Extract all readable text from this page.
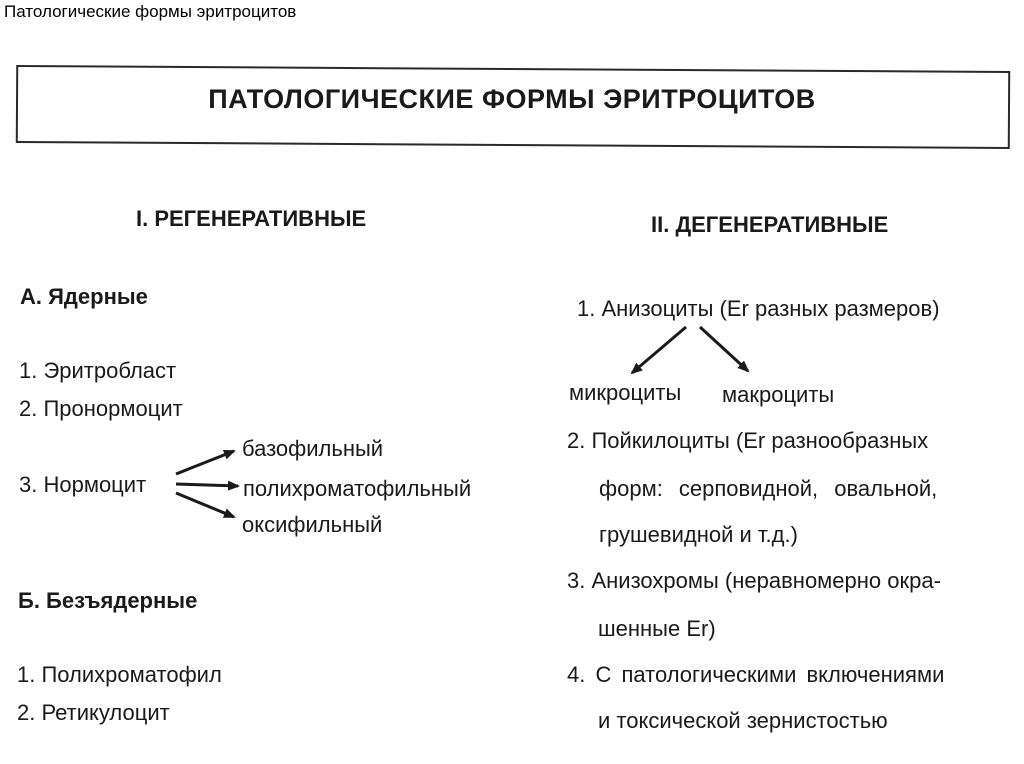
Патологические формы эритроцитов
ПАТОЛОГИЧЕСКИЕ ФОРМЫ ЭРИТРОЦИТОВ
I. РЕГЕНЕРАТИВНЫЕ
А. Ядерные
1. Эритробласт
2. Пронормоцит
3. Нормоцит
базофильный
полихроматофильный
оксифильный
Б. Безъядерные
1. Полихроматофил
2. Ретикулоцит
II. ДЕГЕНЕРАТИВНЫЕ
1. Анизоциты (Er разных размеров)
микроциты макроциты
2. Пойкилоциты (Er разнообразных
форм: серповидной, овальной,
грушевидной и т.д.)
3. Анизохромы (неравномерно окра-
шенные Er)
4. С патологическими включениями
и токсической зернистостью
